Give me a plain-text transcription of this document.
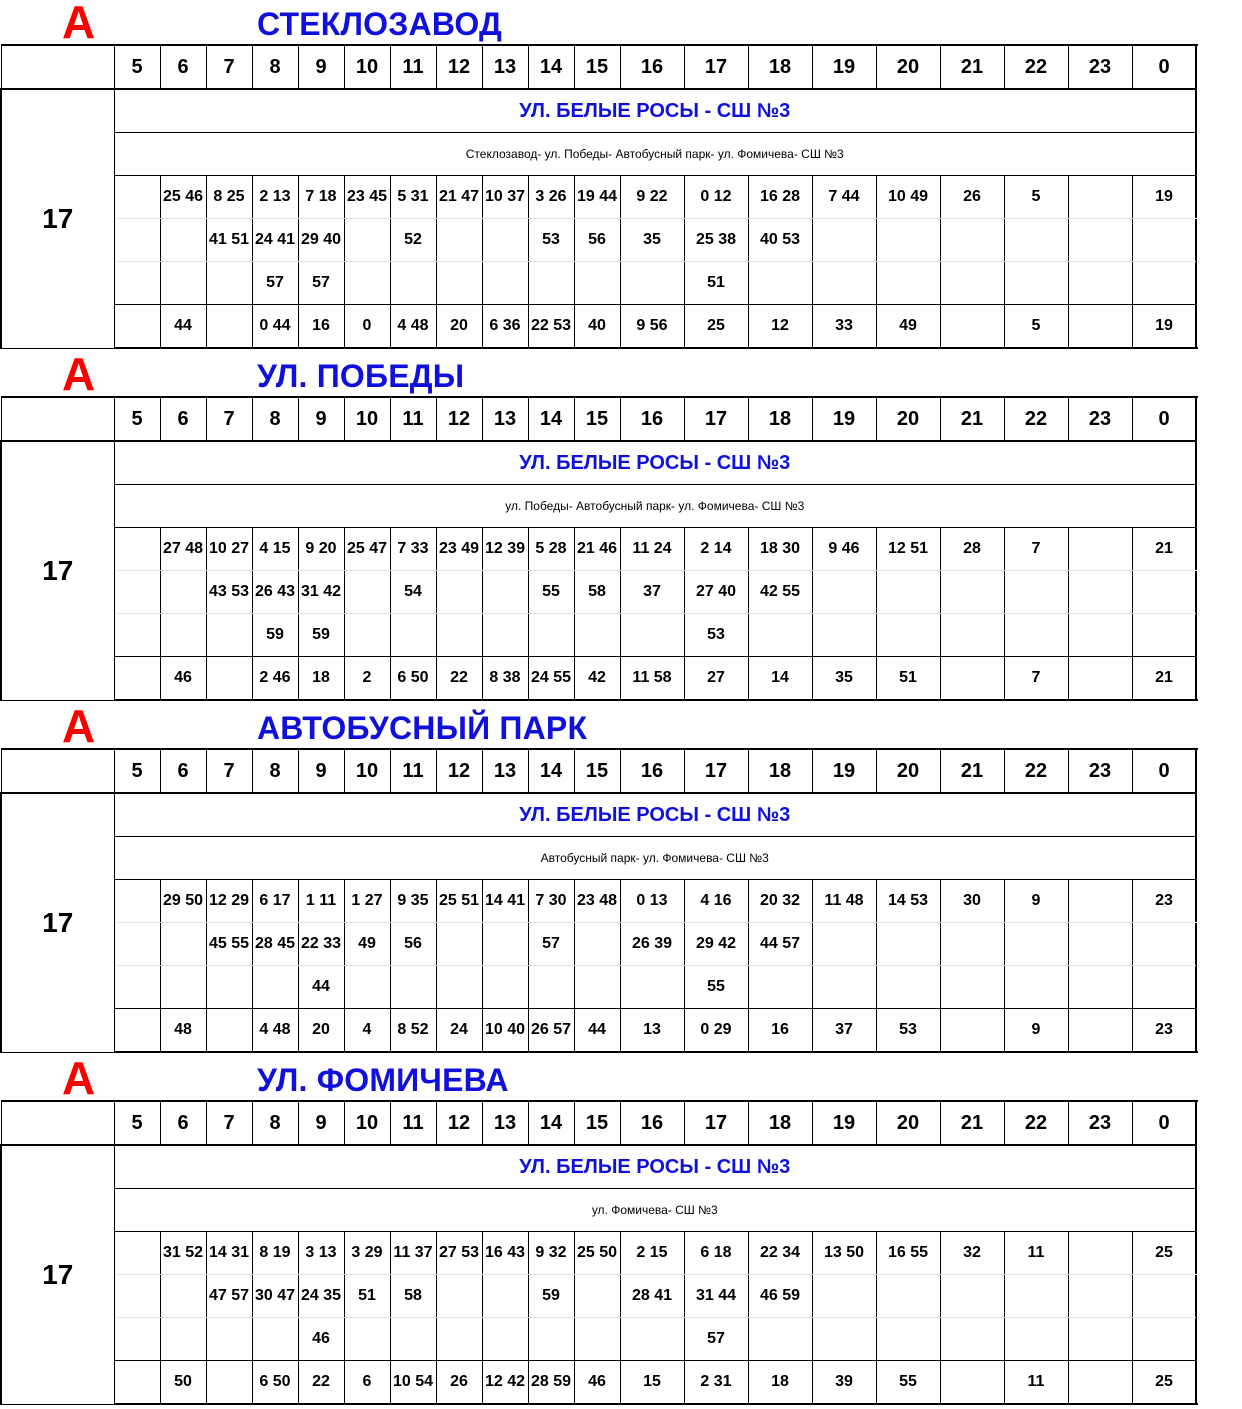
А	СТЕКЛОЗАВОД
	5	6	7	8	9	10	11	12	13	14	15	16	17	18	19	20	21	22	23	0	
17	УЛ. БЕЛЫЕ РОСЫ - СШ №3																				
	Стеклозавод- ул. Победы- Автобусный парк- ул. Фомичева- СШ №3																				
		25 46	8 25	2 13	7 18	23 45	5 31	21 47	10 37	3 26	19 44	9 22	0 12	16 28	7 44	10 49	26	5		19	
			41 51	24 41	29 40		52			53	56	35	25 38	40 53							
				57	57								51								
		44		0 44	16	0	4 48	20	6 36	22 53	40	9 56	25	12	33	49		5		19	
А	УЛ. ПОБЕДЫ
	5	6	7	8	9	10	11	12	13	14	15	16	17	18	19	20	21	22	23	0	
17	УЛ. БЕЛЫЕ РОСЫ - СШ №3																				
	ул. Победы- Автобусный парк- ул. Фомичева- СШ №3																				
		27 48	10 27	4 15	9 20	25 47	7 33	23 49	12 39	5 28	21 46	11 24	2 14	18 30	9 46	12 51	28	7		21	
			43 53	26 43	31 42		54			55	58	37	27 40	42 55							
				59	59								53								
		46		2 46	18	2	6 50	22	8 38	24 55	42	11 58	27	14	35	51		7		21	
А	АВТОБУСНЫЙ ПАРК
	5	6	7	8	9	10	11	12	13	14	15	16	17	18	19	20	21	22	23	0	
17	УЛ. БЕЛЫЕ РОСЫ - СШ №3																				
	Автобусный парк- ул. Фомичева- СШ №3																				
		29 50	12 29	6 17	1 11	1 27	9 35	25 51	14 41	7 30	23 48	0 13	4 16	20 32	11 48	14 53	30	9		23	
			45 55	28 45	22 33	49	56			57		26 39	29 42	44 57							
					44								55								
		48		4 48	20	4	8 52	24	10 40	26 57	44	13	0 29	16	37	53		9		23	
А	УЛ. ФОМИЧЕВА
	5	6	7	8	9	10	11	12	13	14	15	16	17	18	19	20	21	22	23	0	
17	УЛ. БЕЛЫЕ РОСЫ - СШ №3																				
	ул. Фомичева- СШ №3																				
		31 52	14 31	8 19	3 13	3 29	11 37	27 53	16 43	9 32	25 50	2 15	6 18	22 34	13 50	16 55	32	11		25	
			47 57	30 47	24 35	51	58			59		28 41	31 44	46 59							
					46								57								
		50		6 50	22	6	10 54	26	12 42	28 59	46	15	2 31	18	39	55		11		25	
